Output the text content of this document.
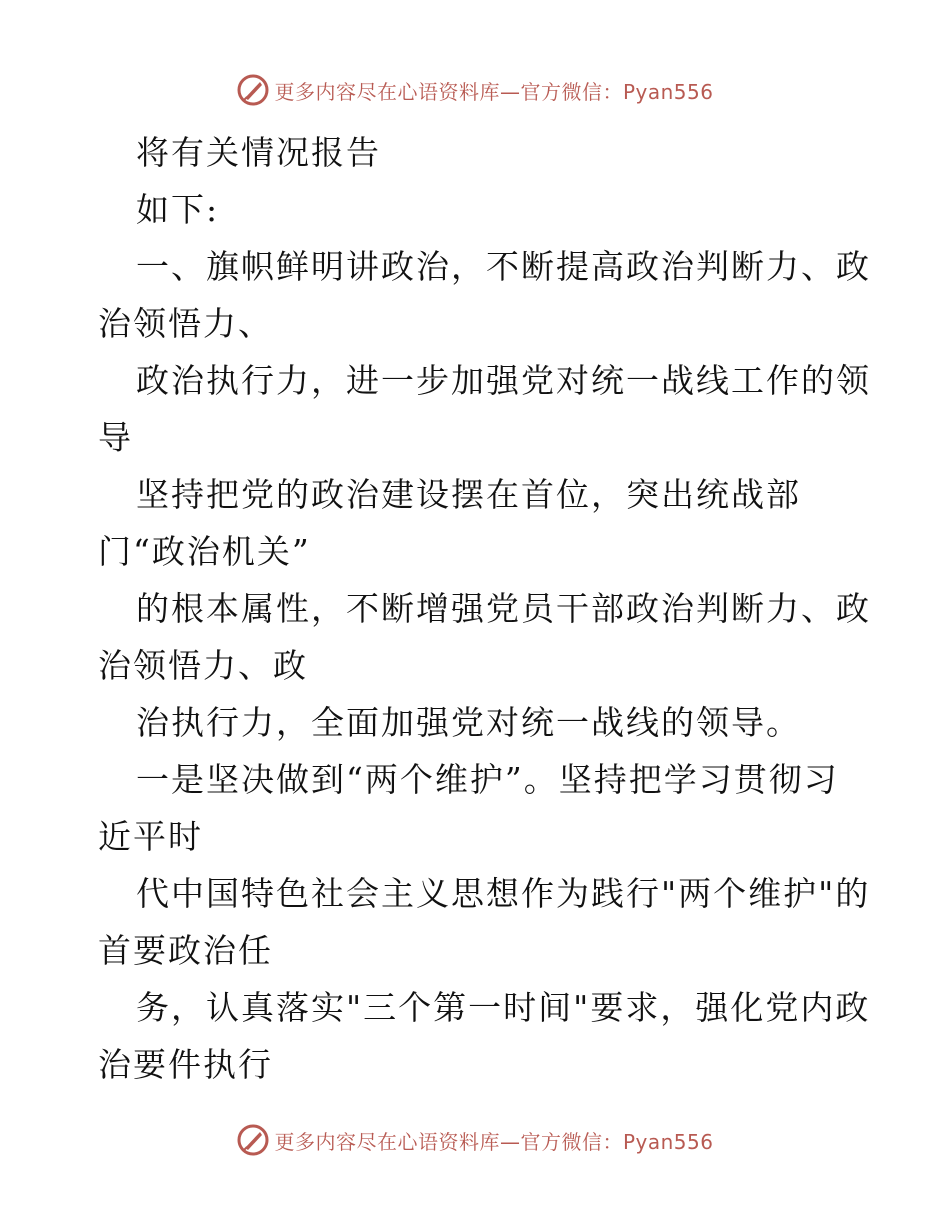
更多内容尽在心语资料库—官方微信：Pyan556

将有关情况报告

如下:

一、旗帜鲜明讲政治，不断提高政治判断力、政

治领悟力、

政治执行力，进一步加强党对统一战线工作的领

导

坚持把党的政治建设摆在首位，突出统战部

门“政治机关”

的根本属性，不断增强党员干部政治判断力、政

治领悟力、政

治执行力，全面加强党对统一战线的领导。

一是坚决做到“两个维护”。坚持把学习贯彻习

近平时

代中国特色社会主义思想作为践行"两个维护"的

首要政治任

务，认真落实"三个第一时间"要求，强化党内政

治要件执行

更多内容尽在心语资料库—官方微信：Pyan556
